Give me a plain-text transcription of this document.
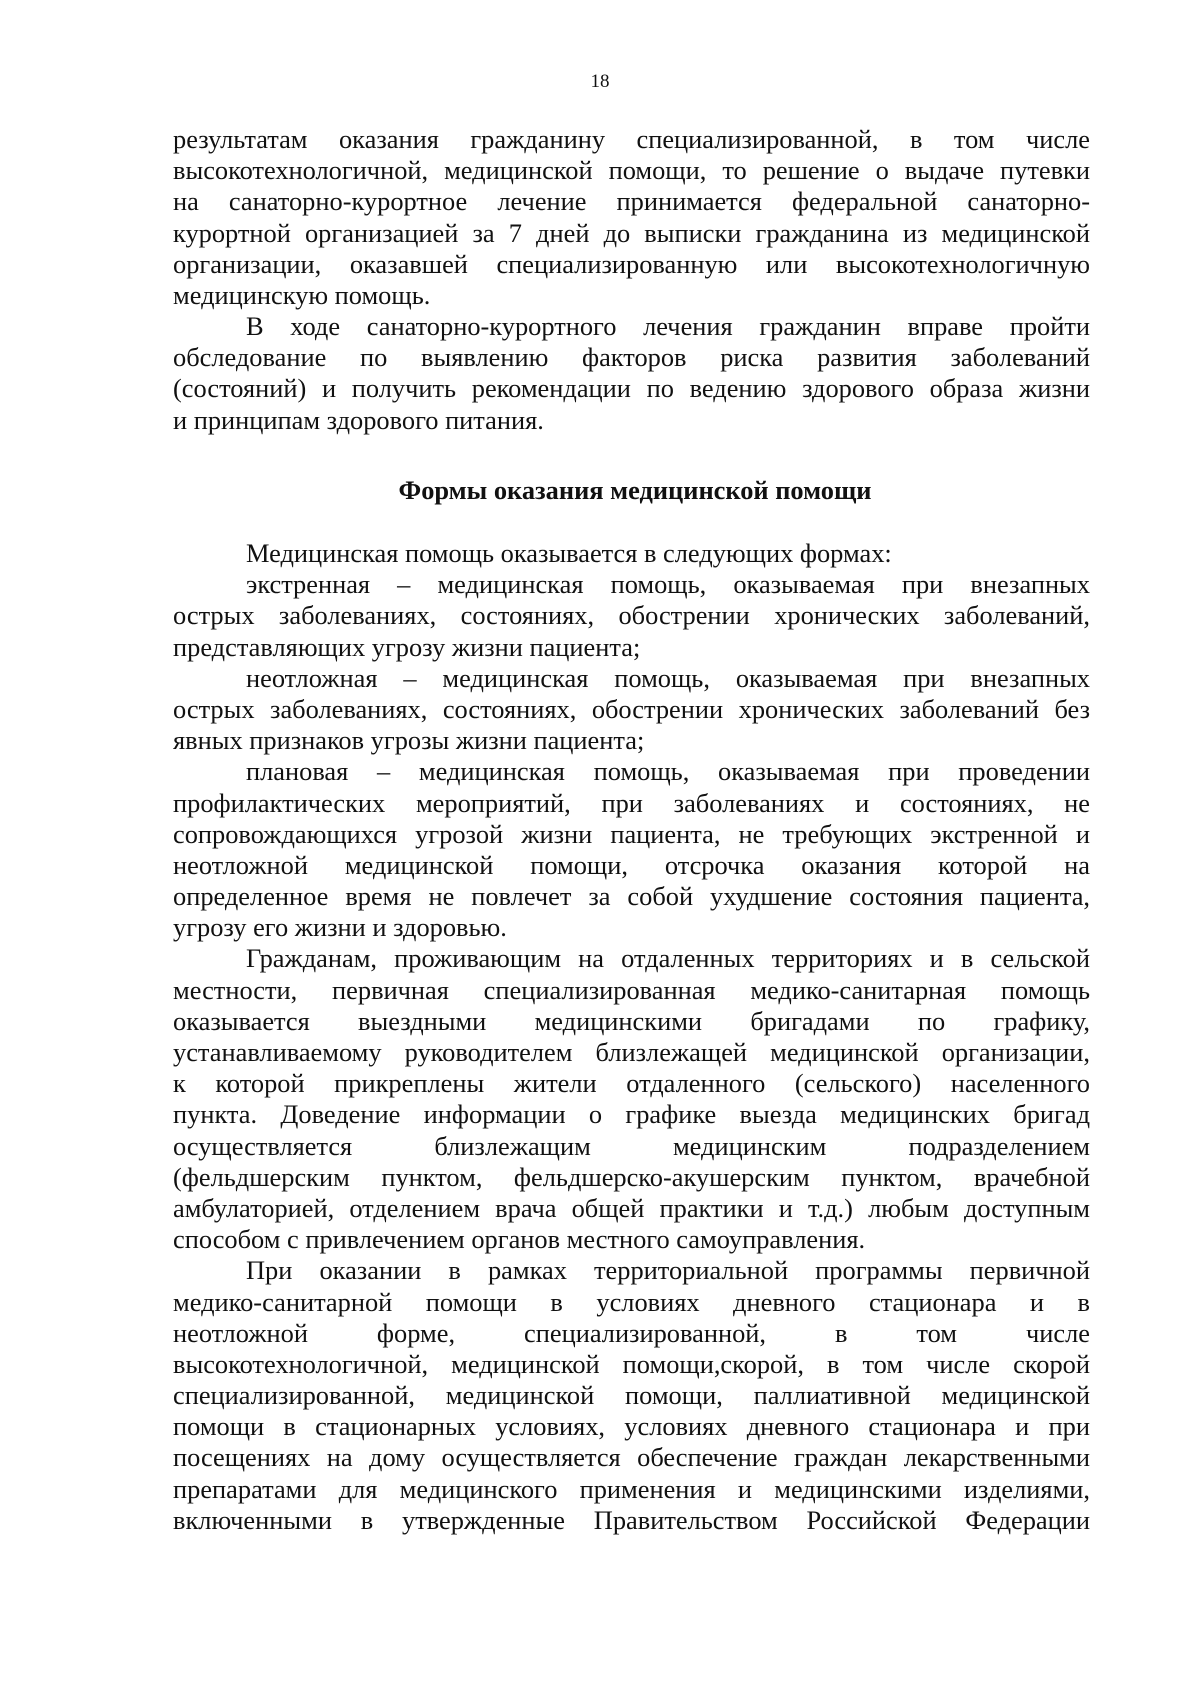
18
результатам оказания гражданину специализированной, в том числе
высокотехнологичной, медицинской помощи, то решение о выдаче путевки
на санаторно-курортное лечение принимается федеральной санаторно-
курортной организацией за 7 дней до выписки гражданина из медицинской
организации, оказавшей специализированную или высокотехнологичную
медицинскую помощь.
В ходе санаторно-курортного лечения гражданин вправе пройти
обследование по выявлению факторов риска развития заболеваний
(состояний) и получить рекомендации по ведению здорового образа жизни
и принципам здорового питания.
Формы оказания медицинской помощи
Медицинская помощь оказывается в следующих формах:
экстренная – медицинская помощь, оказываемая при внезапных
острых заболеваниях, состояниях, обострении хронических заболеваний,
представляющих угрозу жизни пациента;
неотложная – медицинская помощь, оказываемая при внезапных
острых заболеваниях, состояниях, обострении хронических заболеваний без
явных признаков угрозы жизни пациента;
плановая – медицинская помощь, оказываемая при проведении
профилактических мероприятий, при заболеваниях и состояниях, не
сопровождающихся угрозой жизни пациента, не требующих экстренной и
неотложной медицинской помощи, отсрочка оказания которой на
определенное время не повлечет за собой ухудшение состояния пациента,
угрозу его жизни и здоровью.
Гражданам, проживающим на отдаленных территориях и в сельской
местности, первичная специализированная медико-санитарная помощь
оказывается выездными медицинскими бригадами по графику,
устанавливаемому руководителем близлежащей медицинской организации,
к которой прикреплены жители отдаленного (сельского) населенного
пункта. Доведение информации о графике выезда медицинских бригад
осуществляется близлежащим медицинским подразделением
(фельдшерским пунктом, фельдшерско-акушерским пунктом, врачебной
амбулаторией, отделением врача общей практики и т.д.) любым доступным
способом с привлечением органов местного самоуправления.
При оказании в рамках территориальной программы первичной
медико-санитарной помощи в условиях дневного стационара и в
неотложной форме, специализированной, в том числе
высокотехнологичной, медицинской помощи,скорой, в том числе скорой
специализированной, медицинской помощи, паллиативной медицинской
помощи в стационарных условиях, условиях дневного стационара и при
посещениях на дому осуществляется обеспечение граждан лекарственными
препаратами для медицинского применения и медицинскими изделиями,
включенными в утвержденные Правительством Российской Федерации
